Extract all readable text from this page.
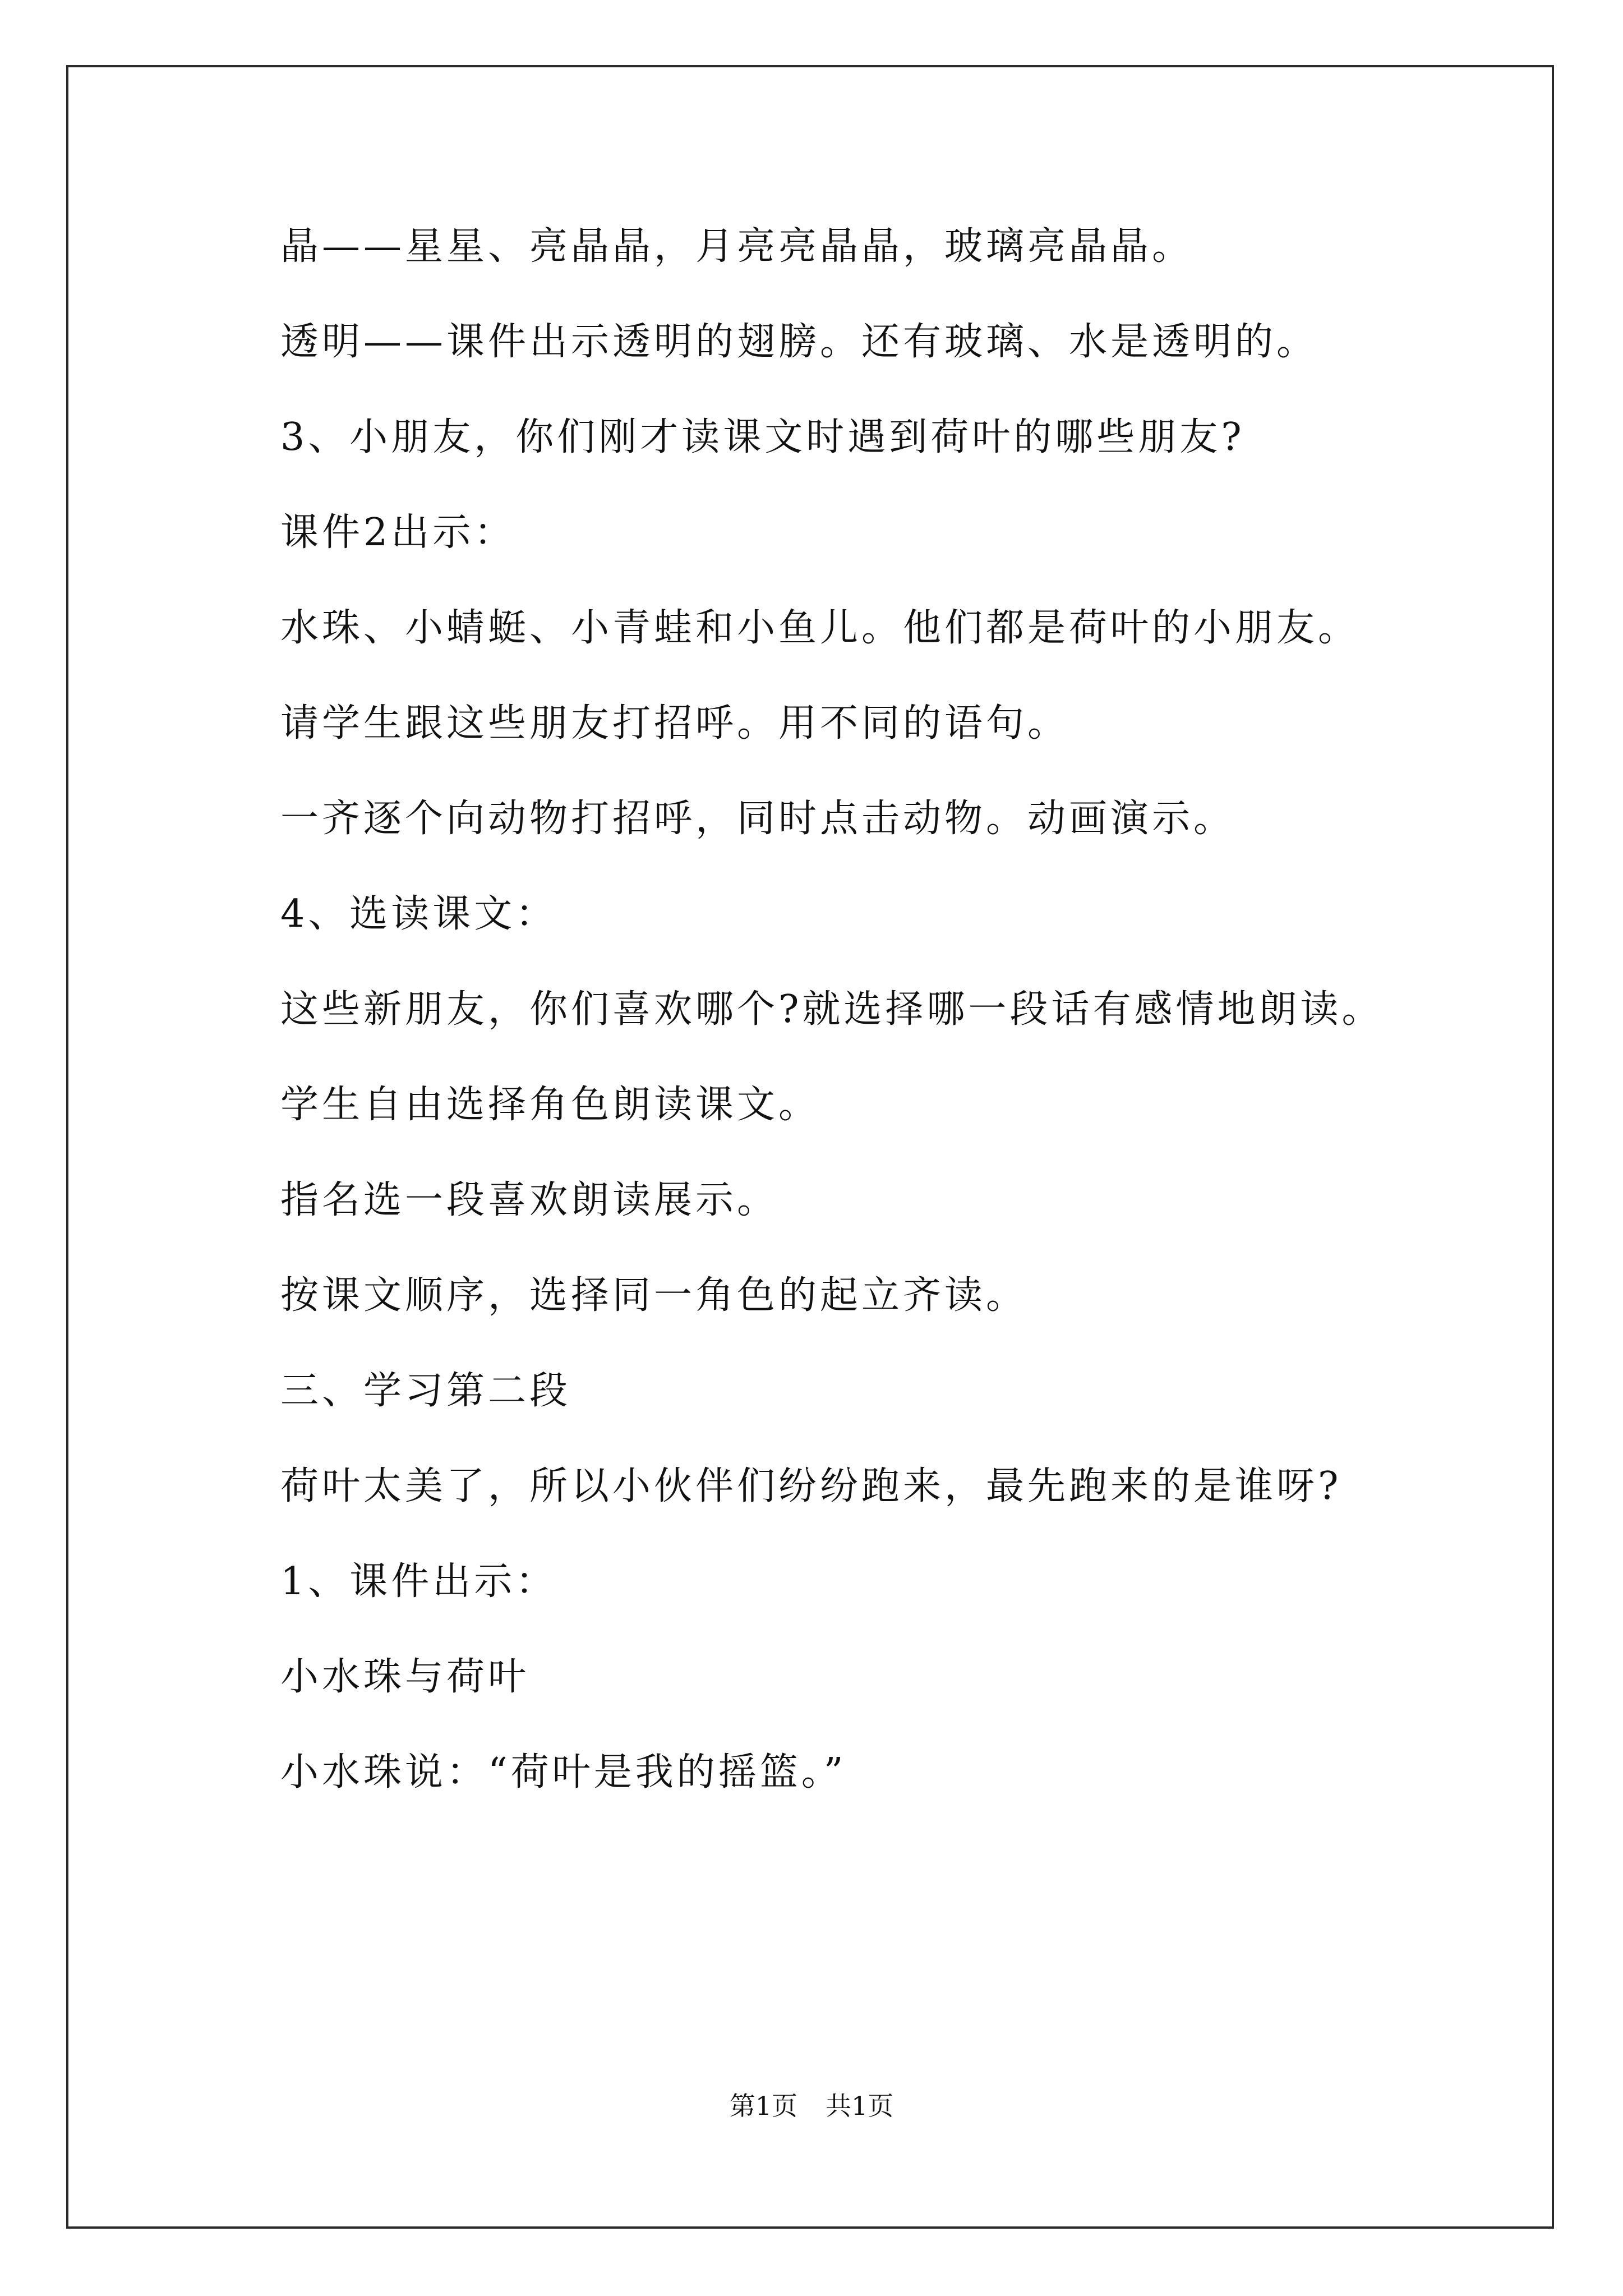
晶——星星、亮晶晶，月亮亮晶晶，玻璃亮晶晶。
透明——课件出示透明的翅膀。还有玻璃、水是透明的。
3、小朋友，你们刚才读课文时遇到荷叶的哪些朋友?
课件2出示：
水珠、小蜻蜓、小青蛙和小鱼儿。他们都是荷叶的小朋友。
请学生跟这些朋友打招呼。用不同的语句。
一齐逐个向动物打招呼，同时点击动物。动画演示。
4、选读课文：
这些新朋友，你们喜欢哪个?就选择哪一段话有感情地朗读。
学生自由选择角色朗读课文。
指名选一段喜欢朗读展示。
按课文顺序，选择同一角色的起立齐读。
三、学习第二段
荷叶太美了，所以小伙伴们纷纷跑来，最先跑来的是谁呀?
1、课件出示：
小水珠与荷叶
小水珠说：“荷叶是我的摇篮。”
第1页 共1页
